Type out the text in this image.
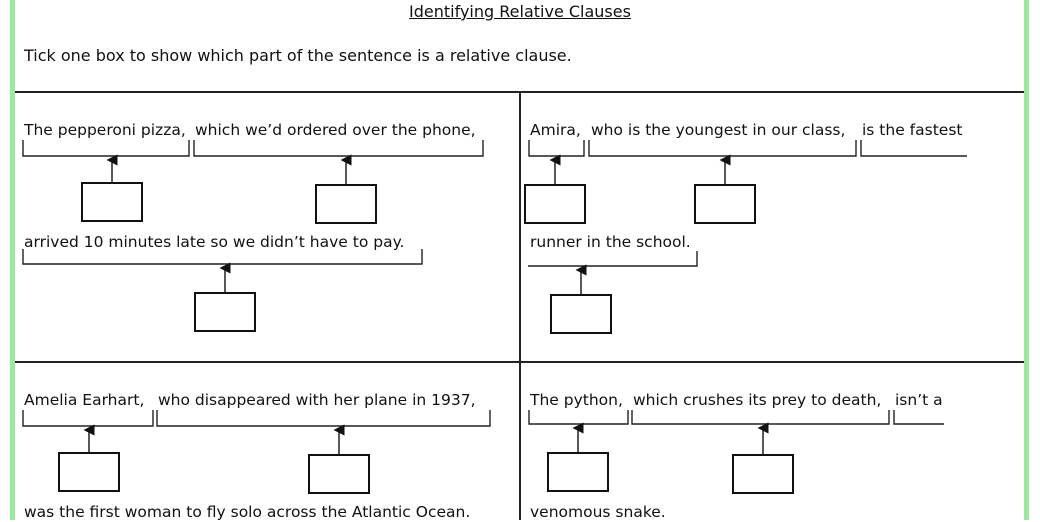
Identifying Relative Clauses
Tick one box to show which part of the sentence is a relative clause.
The pepperoni pizza, which we’d ordered over the phone,
arrived 10 minutes late so we didn’t have to pay.
Amira, who is the youngest in our class, is the fastest
runner in the school.
Amelia Earhart, who disappeared with her plane in 1937,
was the first woman to fly solo across the Atlantic Ocean.
The python, which crushes its prey to death, isn’t a
venomous snake.
